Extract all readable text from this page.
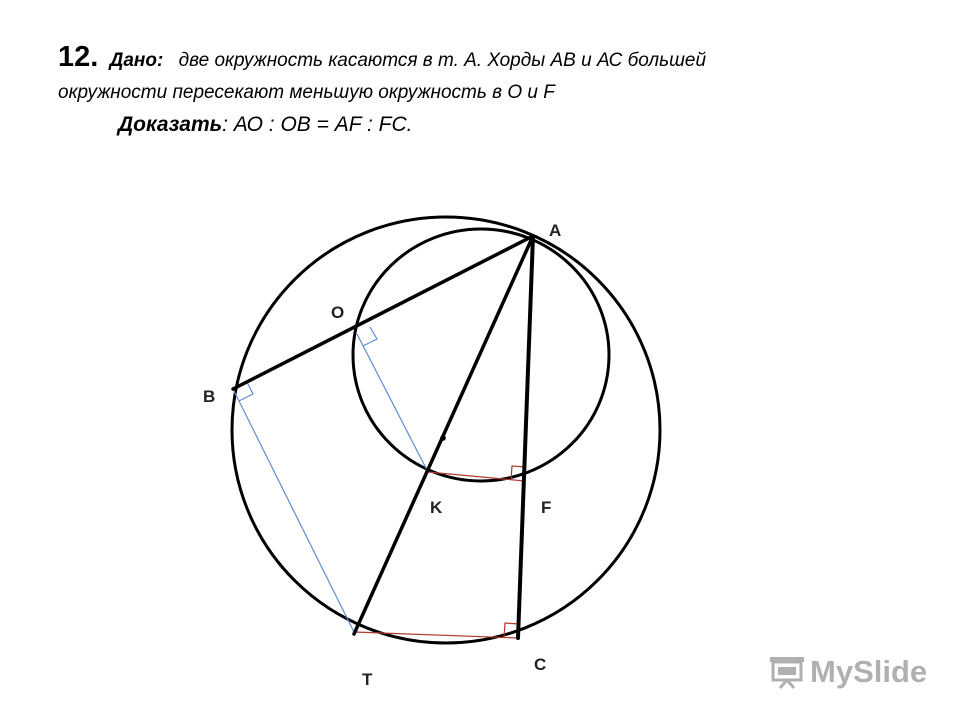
12. Дано: две окружность касаются в т. А. Хорды АВ и АС большей
окружности пересекают меньшую окружность в О и F
Доказать: АО : ОВ = АF : FC.
A
O
B
K	F
C
T	MySlide
